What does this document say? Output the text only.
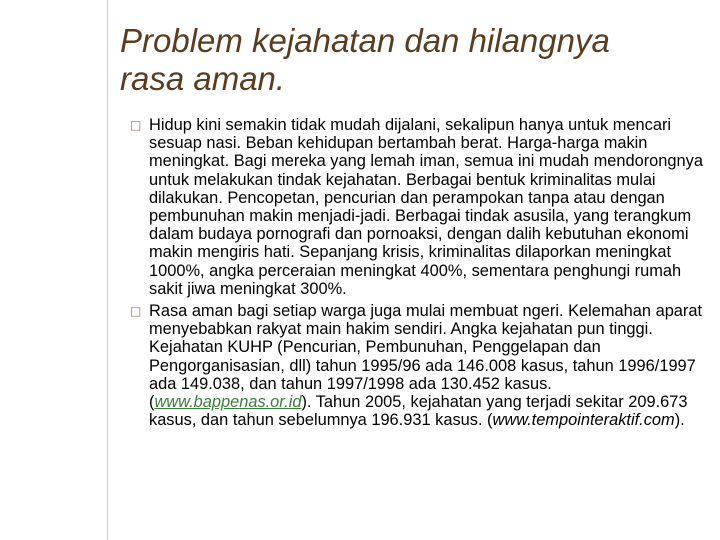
Problem kejahatan dan hilangnya
rasa aman.
□ Hidup kini semakin tidak mudah dijalani, sekalipun hanya untuk mencari sesuap nasi. Beban kehidupan bertambah berat. Harga-harga makin meningkat. Bagi mereka yang lemah iman, semua ini mudah mendorongnya untuk melakukan tindak kejahatan. Berbagai bentuk kriminalitas mulai dilakukan. Pencopetan, pencurian dan perampokan tanpa atau dengan pembunuhan makin menjadi-jadi. Berbagai tindak asusila, yang terangkum dalam budaya pornografi dan pornoaksi, dengan dalih kebutuhan ekonomi makin mengiris hati. Sepanjang krisis, kriminalitas dilaporkan meningkat 1000%, angka perceraian meningkat 400%, sementara penghungi rumah sakit jiwa meningkat 300%.
□ Rasa aman bagi setiap warga juga mulai membuat ngeri. Kelemahan aparat menyebabkan rakyat main hakim sendiri. Angka kejahatan pun tinggi. Kejahatan KUHP (Pencurian, Pembunuhan, Penggelapan dan Pengorganisasian, dll) tahun 1995/96 ada 146.008 kasus, tahun 1996/1997 ada 149.038, dan tahun 1997/1998 ada 130.452 kasus. (www.bappenas.or.id). Tahun 2005, kejahatan yang terjadi sekitar 209.673 kasus, dan tahun sebelumnya 196.931 kasus. (www.tempointeraktif.com).
